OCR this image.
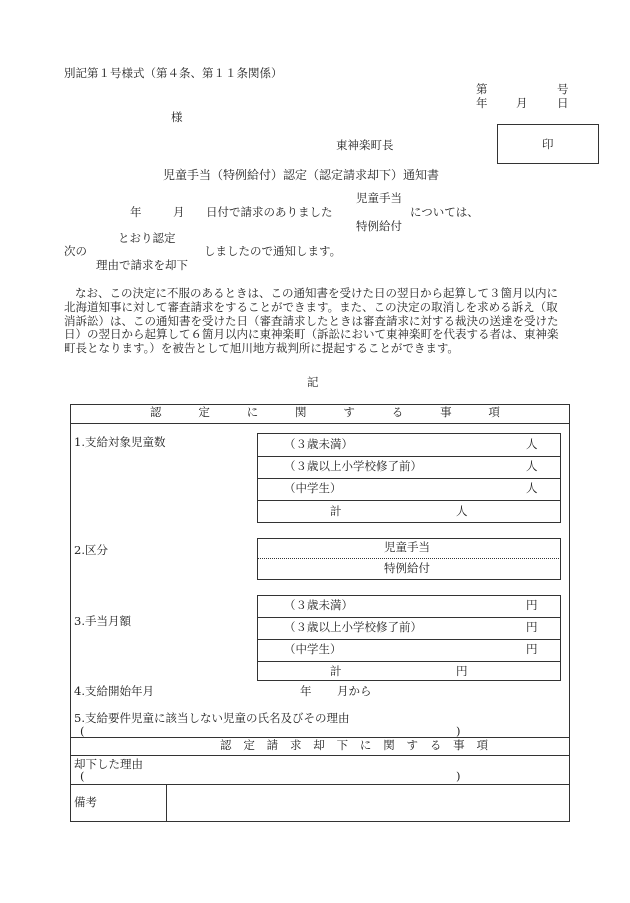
別記第１号様式（第４条、第１１条関係）
第	号
年 月	日
様
東神楽町長	印
児童手当（特例給付）認定（認定請求却下）通知書
児童手当
年	月 日付で請求のありました	については、
特例給付
とおり認定
次の	しましたので通知します。
理由で請求を却下
なお、この決定に不服のあるときは、この通知書を受けた日の翌日から起算して３箇月以内に北海道知事に対して審査請求をすることができます。また、この決定の取消しを求める訴え（取消訴訟）は、この通知書を受けた日（審査請求したときは審査請求に対する裁決の送達を受けた日）の翌日から起算して６箇月以内に東神楽町（訴訟において東神楽町を代表する者は、東神楽町長となります。）を被告として旭川地方裁判所に提起することができます。
記
認	定	に	関	す	る	事	項
1.支給対象児童数	（３歳未満）	人
（３歳以上小学校修了前）	人
（中学生）	人
計	人
2.区分	児童手当
特例給付
3.手当月額
（３歳未満）	円
（３歳以上小学校修了前）	円
（中学生）	円
計	円
4.支給開始年月	年 月から
5.支給要件児童に該当しない児童の氏名及びその理由
(	)
認 定 請 求 却 下 に 関 す る 事 項
却下した理由
(	)
備考
